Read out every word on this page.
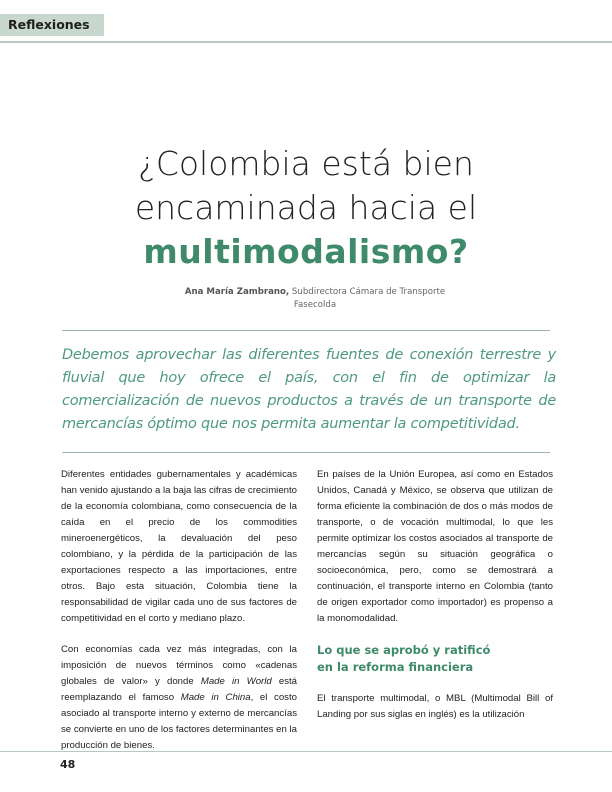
Reflexiones
¿Colombia está bien
encaminada hacia el
multimodalismo?
Ana María Zambrano, Subdirectora Cámara de Transporte
Fasecolda

Debemos aprovechar las diferentes fuentes de conexión terrestre y fluvial que hoy ofrece el país, con el fin de optimizar la comercialización de nuevos productos a través de un transporte de mercancías óptimo que nos permita aumentar la competitividad.

Diferentes entidades gubernamentales y académicas han venido ajustando a la baja las cifras de crecimiento de la economía colombiana, como consecuencia de la caída en el precio de los commodities mineroenergéticos, la devaluación del peso colombiano, y la pérdida de la participación de las exportaciones respecto a las importaciones, entre otros. Bajo esta situación, Colombia tiene la responsabilidad de vigilar cada uno de sus factores de competitividad en el corto y mediano plazo.

Con economías cada vez más integradas, con la imposición de nuevos términos como «cadenas globales de valor» y donde Made in World está reemplazando el famoso Made in China, el costo asociado al transporte interno y externo de mercancías se convierte en uno de los factores determinantes en la producción de bienes.

En países de la Unión Europea, así como en Estados Unidos, Canadá y México, se observa que utilizan de forma eficiente la combinación de dos o más modos de transporte, o de vocación multimodal, lo que les permite optimizar los costos asociados al transporte de mercancías según su situación geográfica o socioeconómica, pero, como se demostrará a continuación, el transporte interno en Colombia (tanto de origen exportador como importador) es propenso a la monomodalidad.

Lo que se aprobó y ratificó
en la reforma financiera

El transporte multimodal, o MBL (Multimodal Bill of Landing por sus siglas en inglés) es la utilización

48
